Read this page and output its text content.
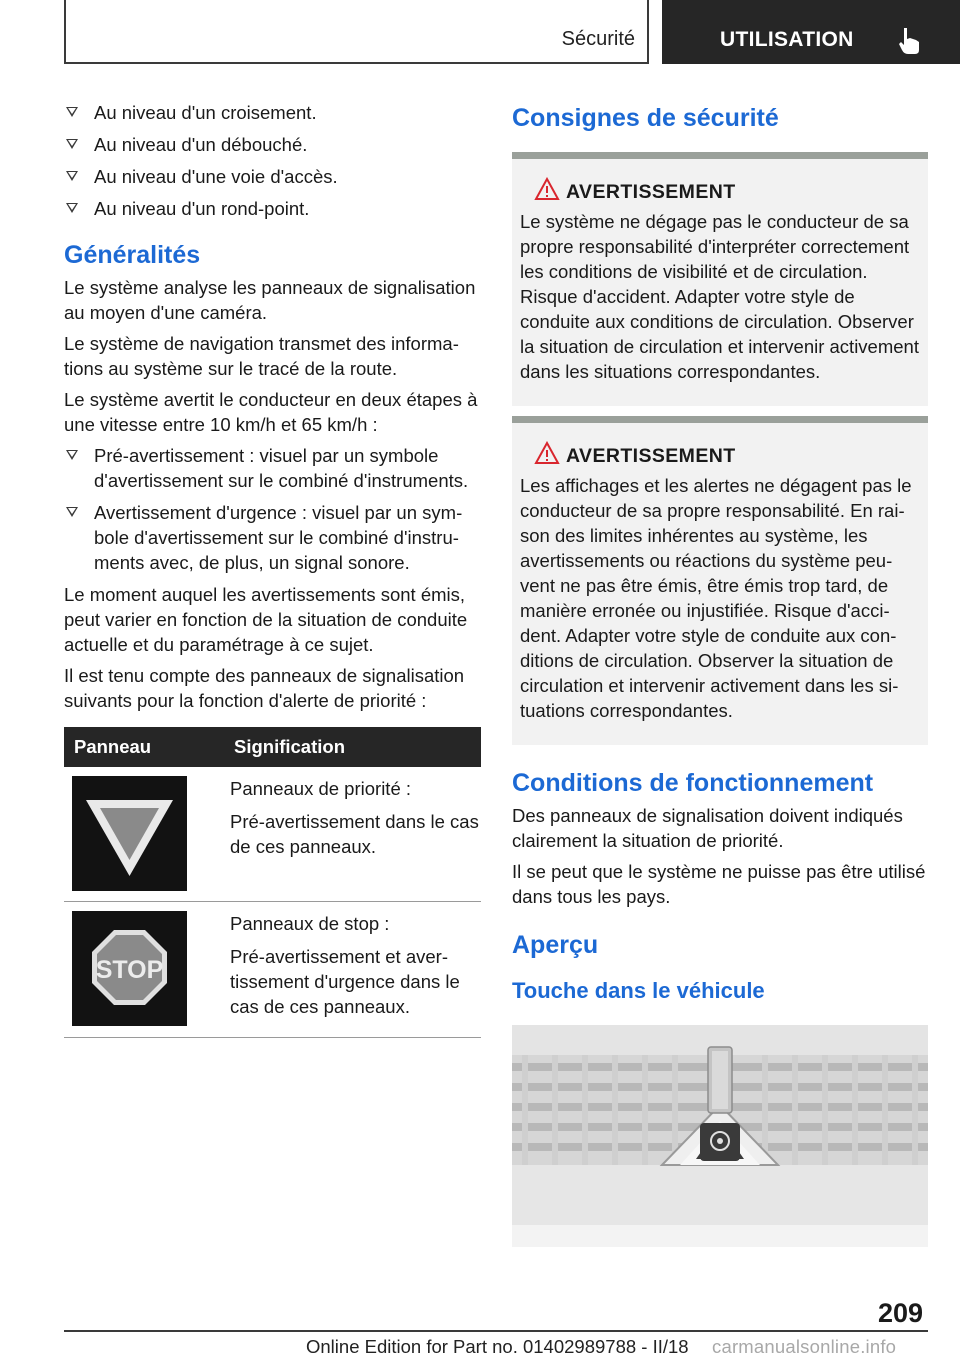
Sécurité	UTILISATION
Au niveau d'un croisement.
Au niveau d'un débouché.
Au niveau d'une voie d'accès.
Au niveau d'un rond-point.
Généralités

Le système analyse les panneaux de signalisation au moyen d'une caméra.

Le système de navigation transmet des informations au système sur le tracé de la route.

Le système avertit le conducteur en deux étapes à une vitesse entre 10 km/h et 65 km/h :

Pré-avertissement : visuel par un symbole d'avertissement sur le combiné d'instruments.
Avertissement d'urgence : visuel par un symbole d'avertissement sur le combiné d'instruments avec, de plus, un signal sonore.

Le moment auquel les avertissements sont émis, peut varier en fonction de la situation de conduite actuelle et du paramétrage à ce sujet.

Il est tenu compte des panneaux de signalisation suivants pour la fonction d'alerte de priorité :

Panneau	Signification

Panneaux de priorité :

Pré-avertissement dans le cas de ces panneaux.

STOP	Panneaux de stop :

Pré-avertissement et avertissement d'urgence dans le cas de ces panneaux.

Consignes de sécurité
AVERTISSEMENT

Le système ne dégage pas le conducteur de sa propre responsabilité d'interpréter correctement les conditions de visibilité et de circulation. Risque d'accident. Adapter votre style de conduite aux conditions de circulation. Observer la situation de circulation et intervenir activement dans les situations correspondantes.

AVERTISSEMENT

Les affichages et les alertes ne dégagent pas le conducteur de sa propre responsabilité. En raison des limites inhérentes au système, les avertissements ou réactions du système peuvent ne pas être émis, être émis trop tard, de manière erronée ou injustifiée. Risque d'accident. Adapter votre style de conduite aux conditions de circulation. Observer la situation de circulation et intervenir activement dans les situations correspondantes.

Conditions de fonctionnement

Des panneaux de signalisation doivent indiqués clairement la situation de priorité.

Il se peut que le système ne puisse pas être utilisé dans tous les pays.

Aperçu
Touche dans le véhicule
209
Online Edition for Part no. 01402989788 - II/18 carmanualsonline.info
